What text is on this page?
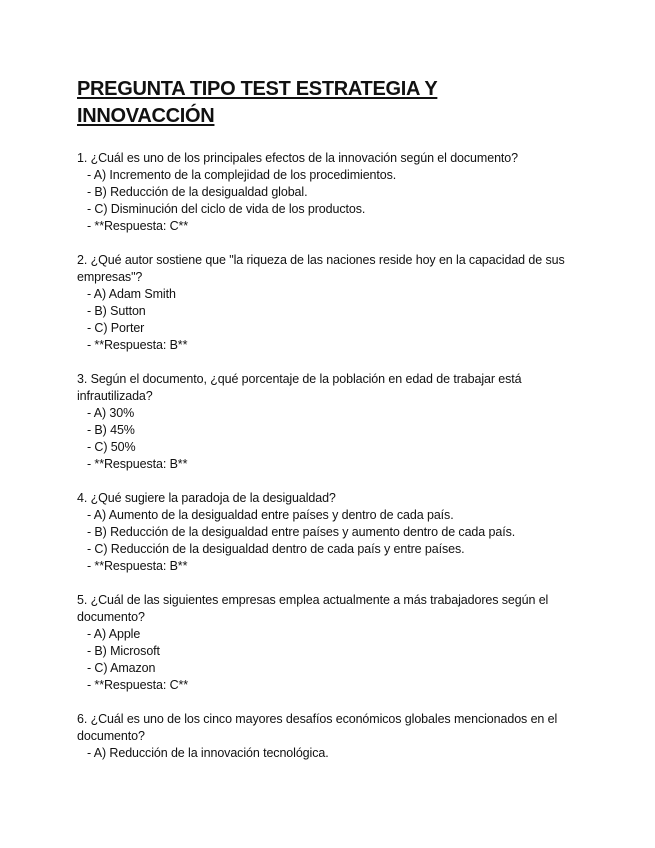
PREGUNTA TIPO TEST ESTRATEGIA Y
INNOVACCIÓN

1. ¿Cuál es uno de los principales efectos de la innovación según el documento?

- A) Incremento de la complejidad de los procedimientos.

- B) Reducción de la desigualdad global.

- C) Disminución del ciclo de vida de los productos.

- **Respuesta: C**

2. ¿Qué autor sostiene que "la riqueza de las naciones reside hoy en la capacidad de sus empresas"?

- A) Adam Smith

- B) Sutton

- C) Porter

- **Respuesta: B**

3. Según el documento, ¿qué porcentaje de la población en edad de trabajar está infrautilizada?

- A) 30%

- B) 45%

- C) 50%

- **Respuesta: B**

4. ¿Qué sugiere la paradoja de la desigualdad?

- A) Aumento de la desigualdad entre países y dentro de cada país.

- B) Reducción de la desigualdad entre países y aumento dentro de cada país.

- C) Reducción de la desigualdad dentro de cada país y entre países.

- **Respuesta: B**

5. ¿Cuál de las siguientes empresas emplea actualmente a más trabajadores según el documento?

- A) Apple

- B) Microsoft

- C) Amazon

- **Respuesta: C**

6. ¿Cuál es uno de los cinco mayores desafíos económicos globales mencionados en el documento?

- A) Reducción de la innovación tecnológica.
